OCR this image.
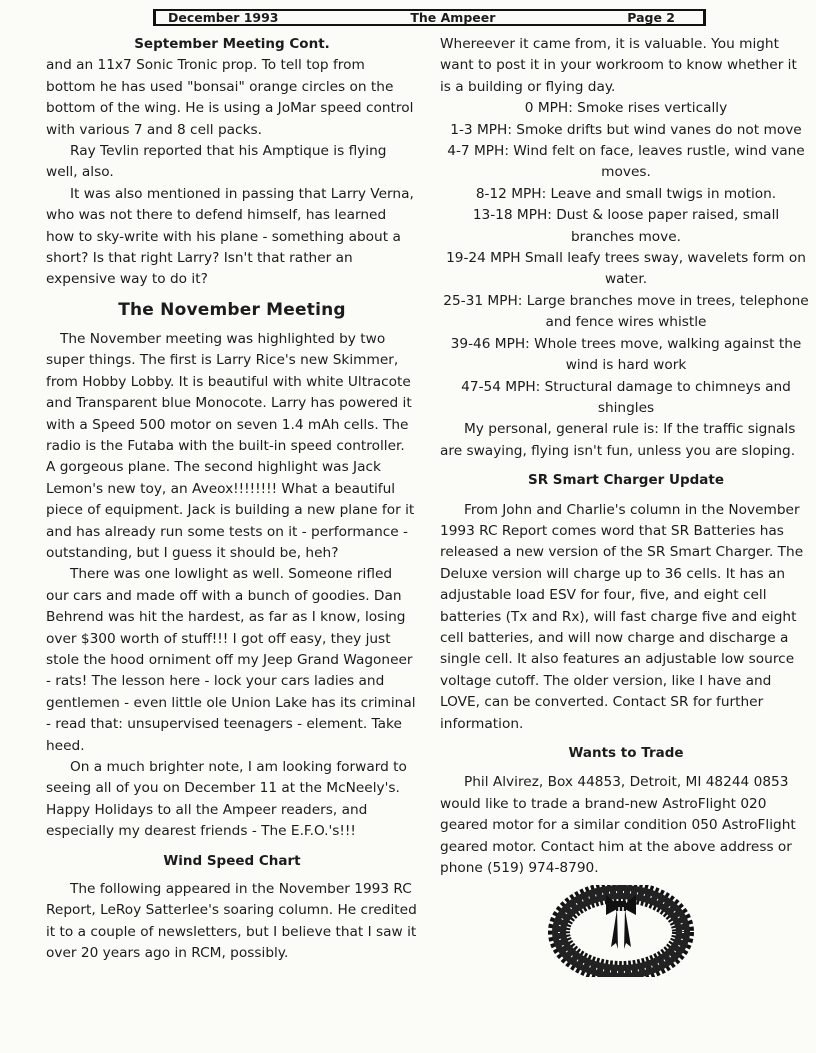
December 1993	The Ampeer	Page 2
September Meeting Cont.

and an 11x7 Sonic Tronic prop. To tell top from bottom he has used "bonsai" orange circles on the bottom of the wing. He is using a JoMar speed control with various 7 and 8 cell packs.

Ray Tevlin reported that his Amptique is flying well, also.

It was also mentioned in passing that Larry Verna, who was not there to defend himself, has learned how to sky-write with his plane - something about a short? Is that right Larry? Isn't that rather an expensive way to do it?

The November Meeting

The November meeting was highlighted by two super things. The first is Larry Rice's new Skimmer, from Hobby Lobby. It is beautiful with white Ultracote and Transparent blue Monocote. Larry has powered it with a Speed 500 motor on seven 1.4 mAh cells. The radio is the Futaba with the built-in speed controller. A gorgeous plane. The second highlight was Jack Lemon's new toy, an Aveox!!!!!!!! What a beautiful piece of equipment. Jack is building a new plane for it and has already run some tests on it - performance - outstanding, but I guess it should be, heh?

There was one lowlight as well. Someone rifled our cars and made off with a bunch of goodies. Dan Behrend was hit the hardest, as far as I know, losing over $300 worth of stuff!!! I got off easy, they just stole the hood orniment off my Jeep Grand Wagoneer - rats! The lesson here - lock your cars ladies and gentlemen - even little ole Union Lake has its criminal - read that: unsupervised teenagers - element. Take heed.

On a much brighter note, I am looking forward to seeing all of you on December 11 at the McNeely's. Happy Holidays to all the Ampeer readers, and especially my dearest friends - The E.F.O.'s!!!

Wind Speed Chart

The following appeared in the November 1993 RC Report, LeRoy Satterlee's soaring column. He credited it to a couple of newsletters, but I believe that I saw it over 20 years ago in RCM, possibly.

Whereever it came from, it is valuable. You might want to post it in your workroom to know whether it is a building or flying day.

0 MPH: Smoke rises vertically

1-3 MPH: Smoke drifts but wind vanes do not move

4-7 MPH: Wind felt on face, leaves rustle, wind vane moves.

8-12 MPH: Leave and small twigs in motion.

13-18 MPH: Dust & loose paper raised, small branches move.

19-24 MPH Small leafy trees sway, wavelets form on water.

25-31 MPH: Large branches move in trees, telephone and fence wires whistle

39-46 MPH: Whole trees move, walking against the wind is hard work

47-54 MPH: Structural damage to chimneys and shingles

My personal, general rule is: If the traffic signals are swaying, flying isn't fun, unless you are sloping.

SR Smart Charger Update

From John and Charlie's column in the November 1993 RC Report comes word that SR Batteries has released a new version of the SR Smart Charger. The Deluxe version will charge up to 36 cells. It has an adjustable load ESV for four, five, and eight cell batteries (Tx and Rx), will fast charge five and eight cell batteries, and will now charge and discharge a single cell. It also features an adjustable low source voltage cutoff. The older version, like I have and LOVE, can be converted. Contact SR for further information.

Wants to Trade

Phil Alvirez, Box 44853, Detroit, MI 48244 0853 would like to trade a brand-new AstroFlight 020 geared motor for a similar condition 050 AstroFlight geared motor. Contact him at the above address or phone (519) 974-8790.
